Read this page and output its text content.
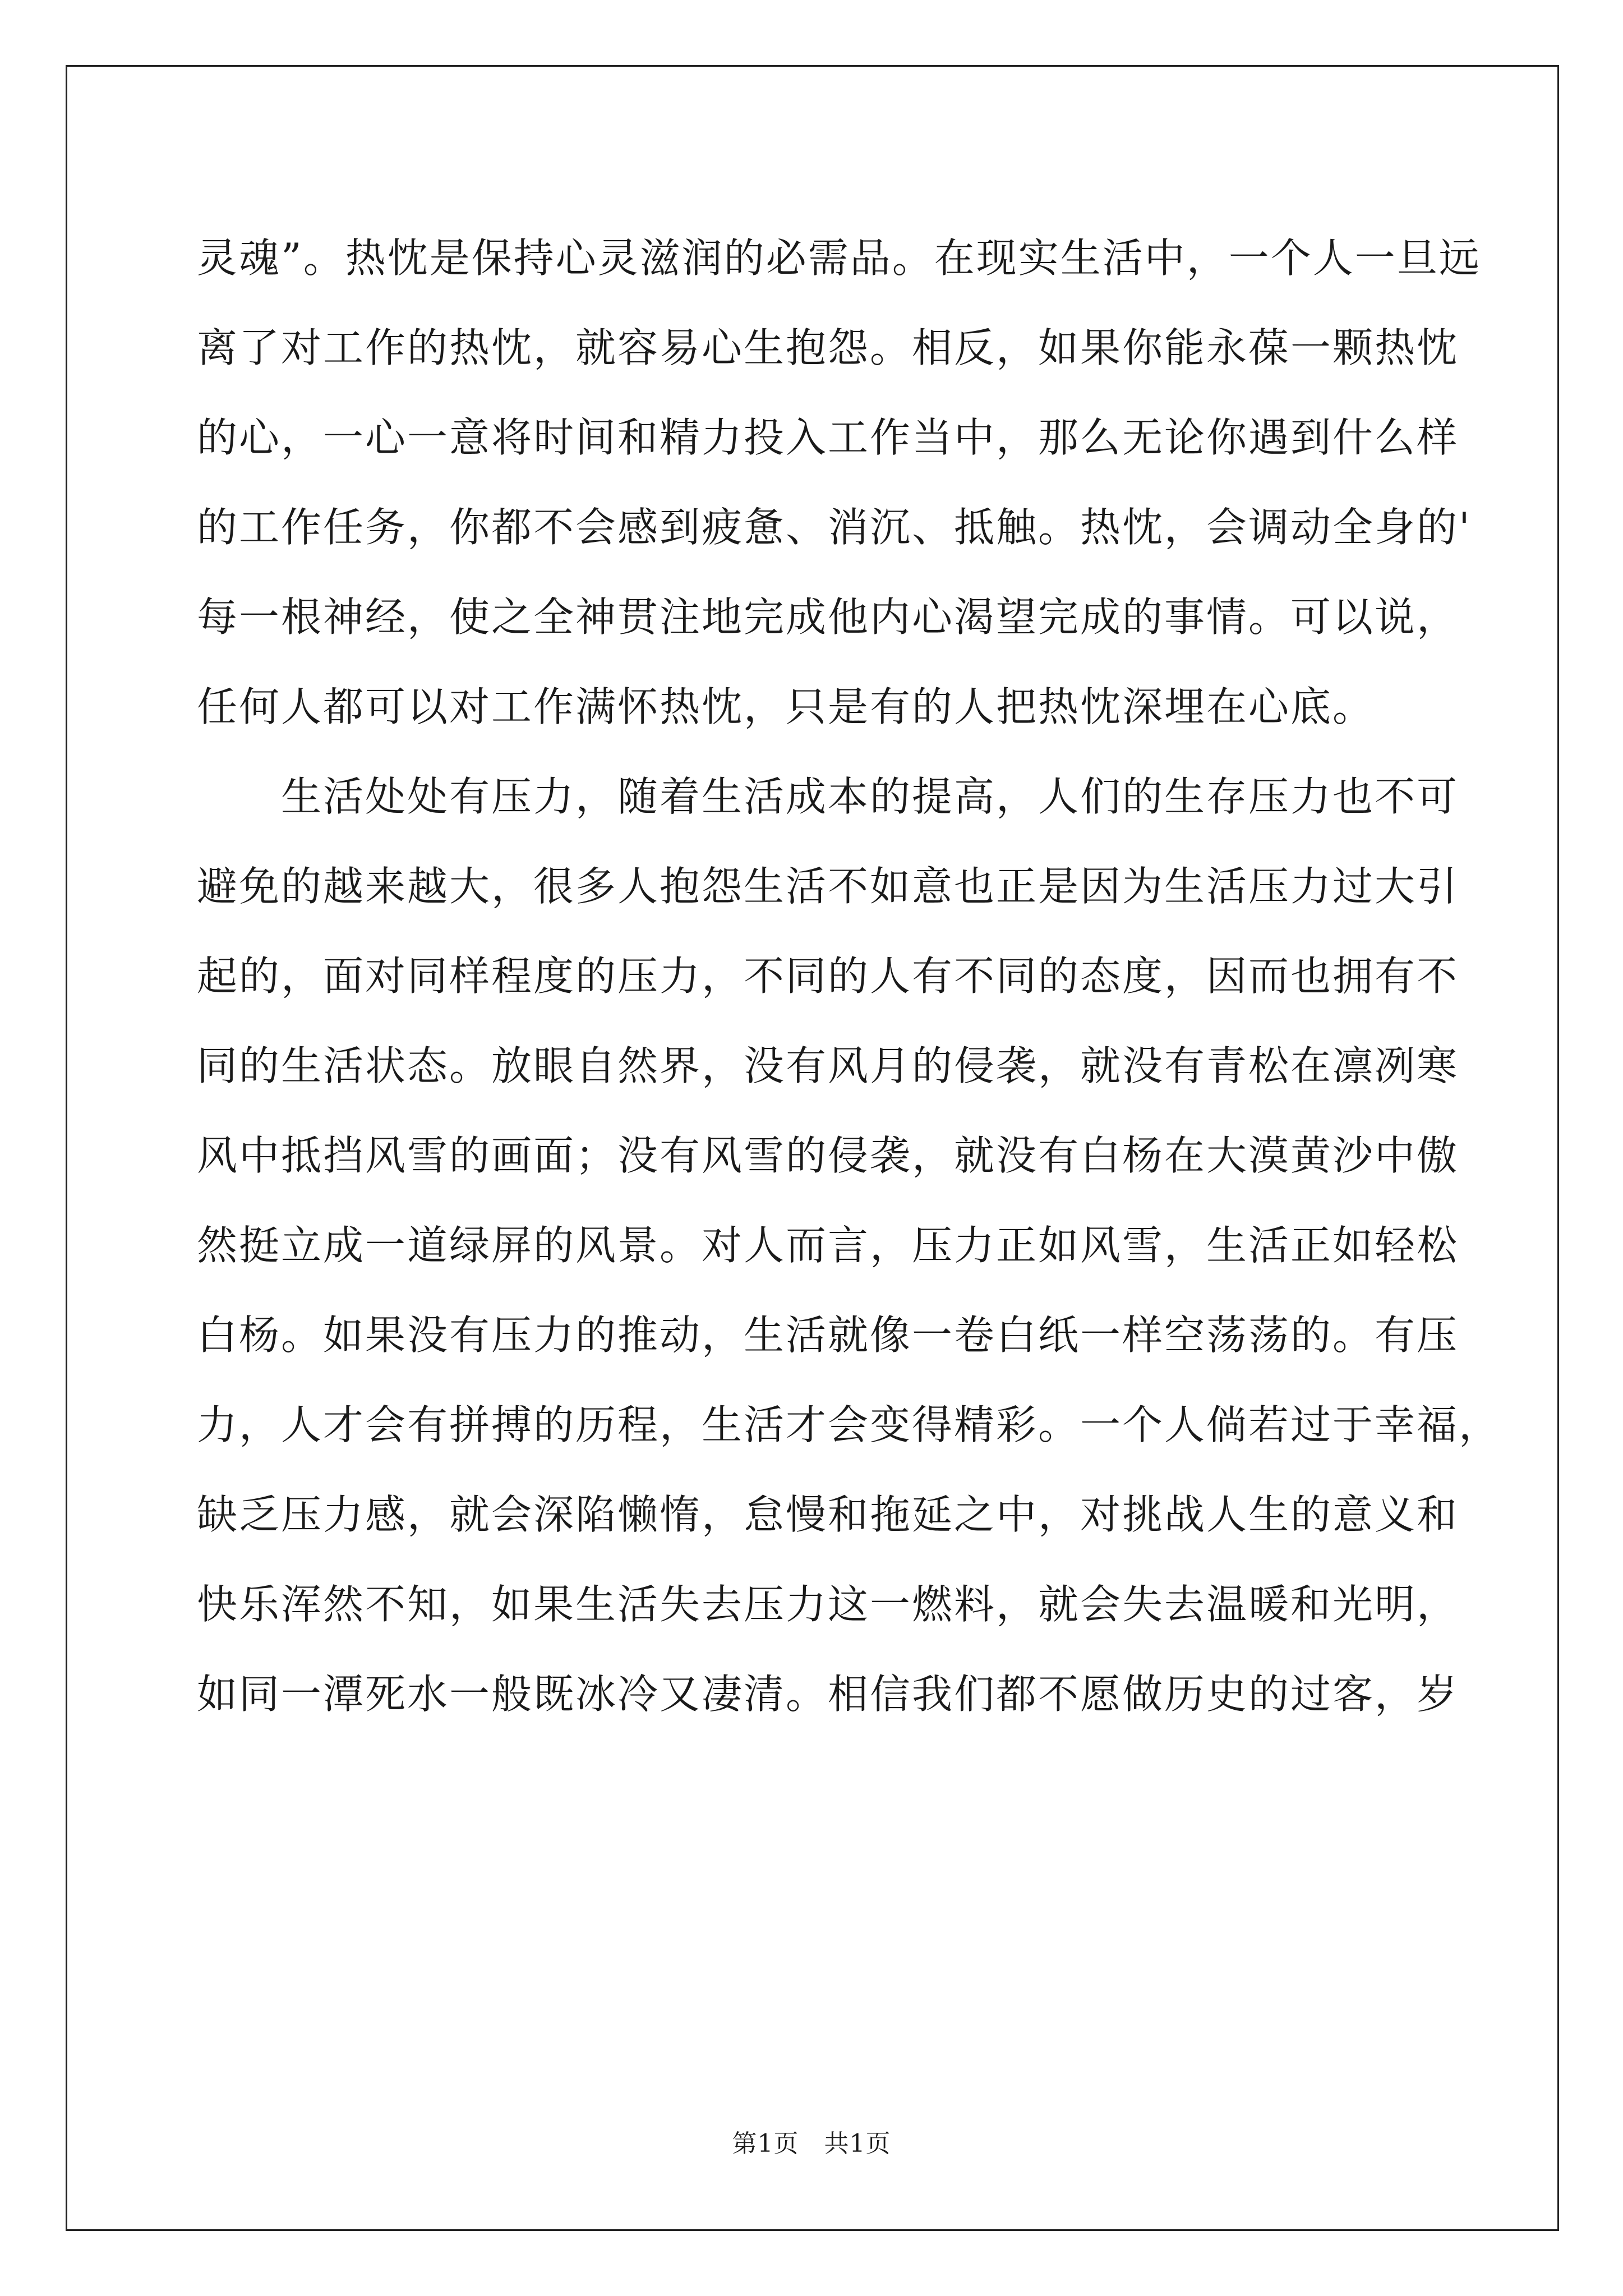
灵魂”。热忱是保持心灵滋润的必需品。在现实生活中，一个人一旦远
离了对工作的热忱，就容易心生抱怨。相反，如果你能永葆一颗热忱
的心，一心一意将时间和精力投入工作当中，那么无论你遇到什么样
的工作任务，你都不会感到疲惫、消沉、抵触。热忱，会调动全身的'
每一根神经，使之全神贯注地完成他内心渴望完成的事情。可以说，
任何人都可以对工作满怀热忱，只是有的人把热忱深埋在心底。
生活处处有压力，随着生活成本的提高，人们的生存压力也不可
避免的越来越大，很多人抱怨生活不如意也正是因为生活压力过大引
起的，面对同样程度的压力，不同的人有不同的态度，因而也拥有不
同的生活状态。放眼自然界，没有风月的侵袭，就没有青松在凛冽寒
风中抵挡风雪的画面；没有风雪的侵袭，就没有白杨在大漠黄沙中傲
然挺立成一道绿屏的风景。对人而言，压力正如风雪，生活正如轻松
白杨。如果没有压力的推动，生活就像一卷白纸一样空荡荡的。有压
力，人才会有拼搏的历程，生活才会变得精彩。一个人倘若过于幸福，
缺乏压力感，就会深陷懒惰，怠慢和拖延之中，对挑战人生的意义和
快乐浑然不知，如果生活失去压力这一燃料，就会失去温暖和光明，
如同一潭死水一般既冰冷又凄清。相信我们都不愿做历史的过客，岁
第1页　共1页
